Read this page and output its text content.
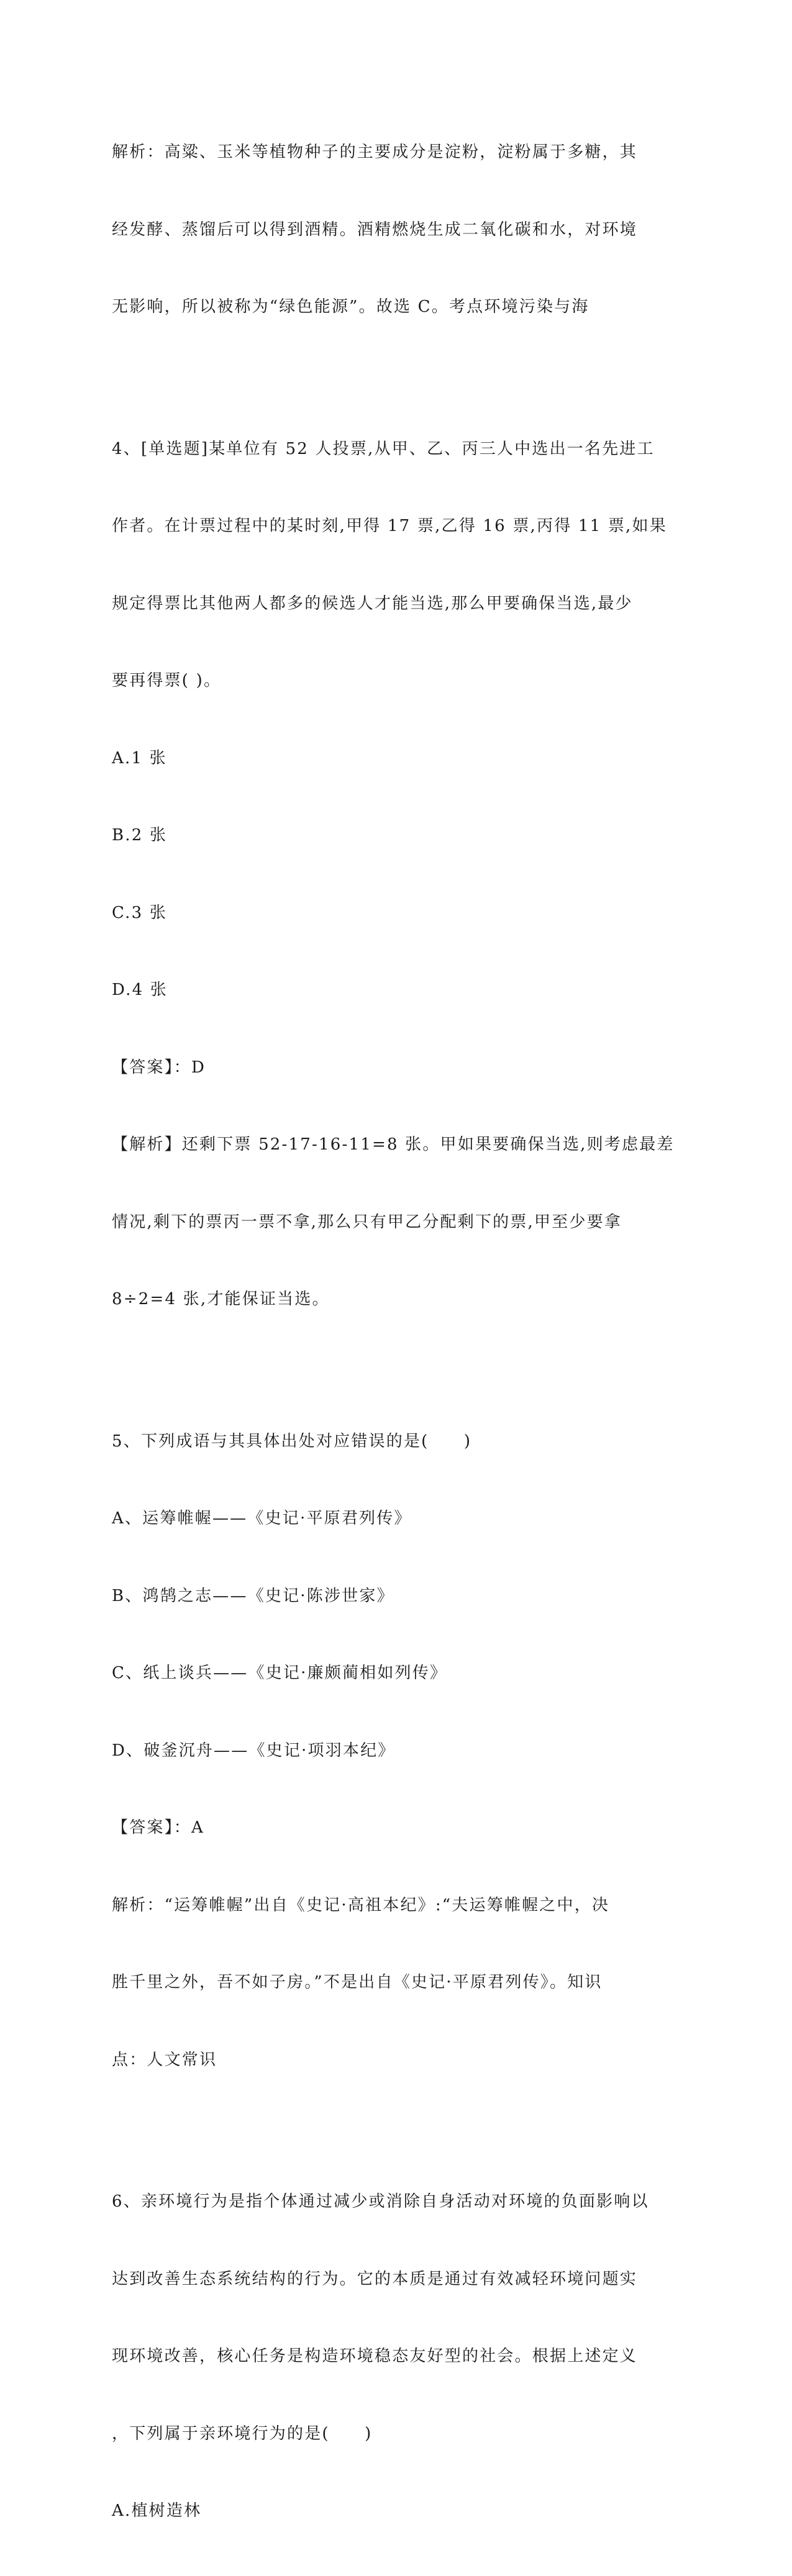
解析：高粱、玉米等植物种子的主要成分是淀粉，淀粉属于多糖，其

经发酵、蒸馏后可以得到酒精。酒精燃烧生成二氧化碳和水，对环境

无影响，所以被称为“绿色能源”。故选 C。考点环境污染与海

4、[单选题]某单位有 52 人投票,从甲、乙、丙三人中选出一名先进工

作者。在计票过程中的某时刻,甲得 17 票,乙得 16 票,丙得 11 票,如果

规定得票比其他两人都多的候选人才能当选,那么甲要确保当选,最少

要再得票( )。

A.1 张

B.2 张

C.3 张

D.4 张

【答案】：D

【解析】还剩下票 52-17-16-11=8 张。甲如果要确保当选,则考虑最差

情况,剩下的票丙一票不拿,那么只有甲乙分配剩下的票,甲至少要拿

8÷2=4 张,才能保证当选。

5、下列成语与其具体出处对应错误的是(　　)

A、运筹帷幄——《史记·平原君列传》

B、鸿鹄之志——《史记·陈涉世家》

C、纸上谈兵——《史记·廉颇蔺相如列传》

D、破釜沉舟——《史记·项羽本纪》

【答案】：A

解析：“运筹帷幄”出自《史记·高祖本纪》:“夫运筹帷幄之中，决

胜千里之外，吾不如子房。”不是出自《史记·平原君列传》。知识

点：人文常识

6、亲环境行为是指个体通过减少或消除自身活动对环境的负面影响以

达到改善生态系统结构的行为。它的本质是通过有效减轻环境问题实

现环境改善，核心任务是构造环境稳态友好型的社会。根据上述定义

，下列属于亲环境行为的是(　　)

A.植树造林
